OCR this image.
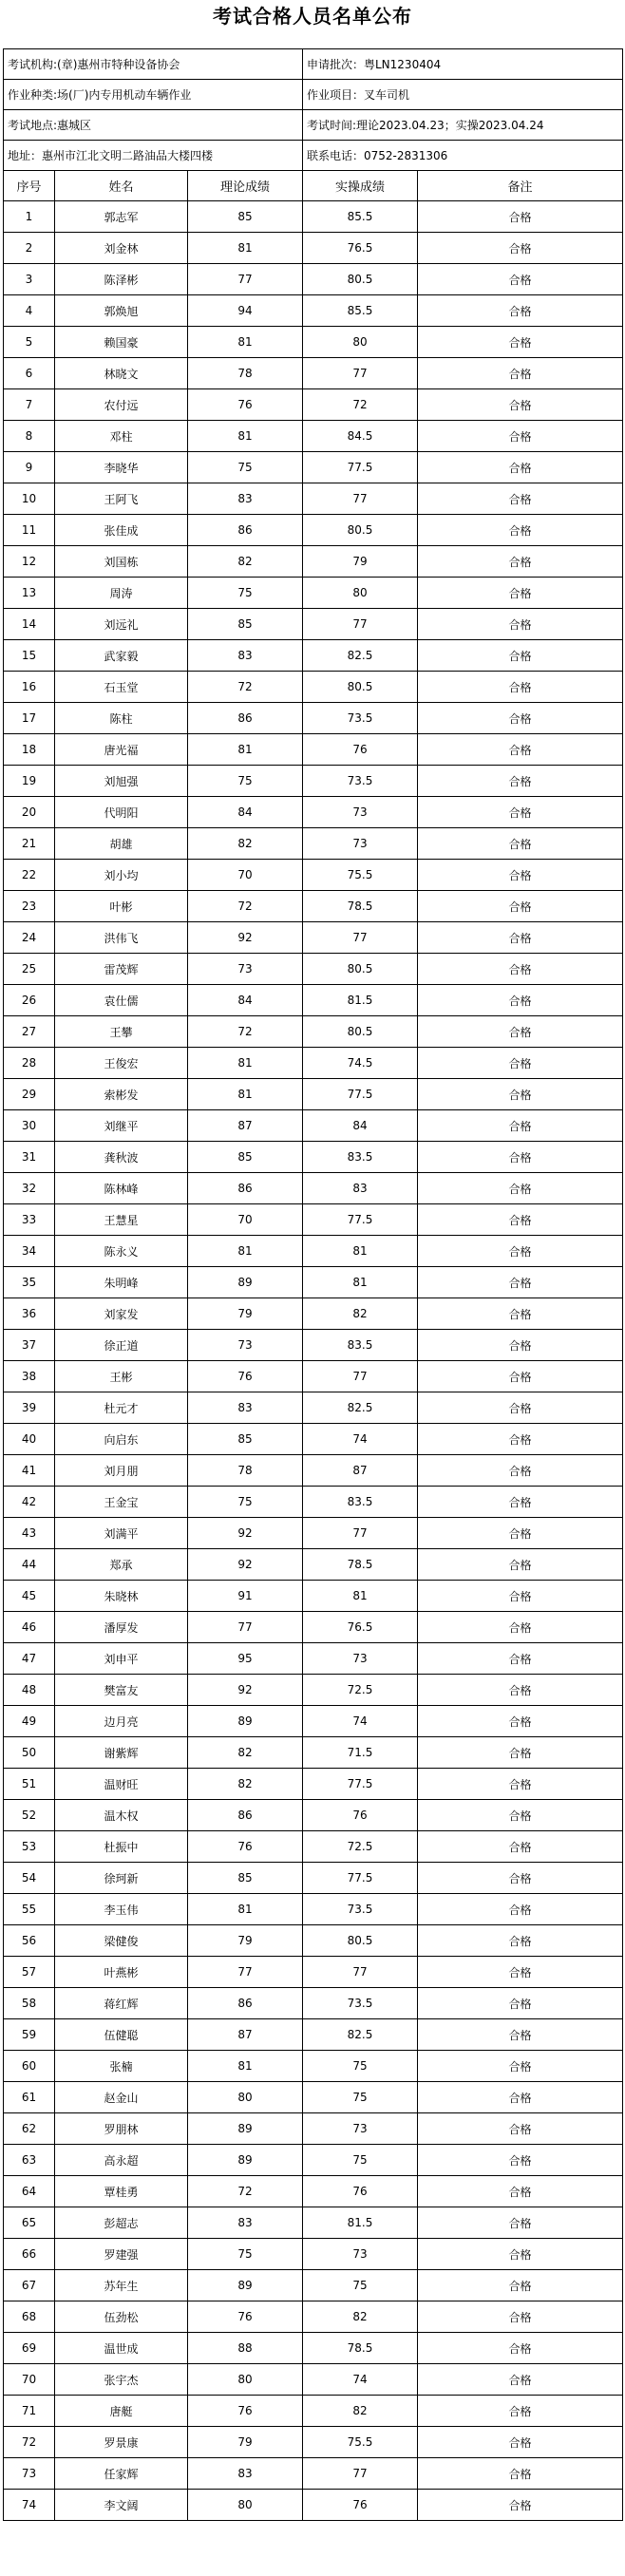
考试合格人员名单公布
考试机构:(章)惠州市特种设备协会			申请批次：粤LN1230404	
作业种类:场(厂)内专用机动车辆作业			作业项目：叉车司机	
考试地点:惠城区			考试时间:理论2023.04.23；实操2023.04.24	
地址：惠州市江北文明二路油品大楼四楼			联系电话：0752-2831306	
序号	姓名	理论成绩	实操成绩	备注
1	郭志军	85	85.5	合格
2	刘金林	81	76.5	合格
3	陈泽彬	77	80.5	合格
4	郭焕旭	94	85.5	合格
5	赖国豪	81	80	合格
6	林晓文	78	77	合格
7	农付远	76	72	合格
8	邓柱	81	84.5	合格
9	李晓华	75	77.5	合格
10	王阿飞	83	77	合格
11	张佳成	86	80.5	合格
12	刘国栋	82	79	合格
13	周涛	75	80	合格
14	刘远礼	85	77	合格
15	武家毅	83	82.5	合格
16	石玉堂	72	80.5	合格
17	陈柱	86	73.5	合格
18	唐光福	81	76	合格
19	刘旭强	75	73.5	合格
20	代明阳	84	73	合格
21	胡雄	82	73	合格
22	刘小均	70	75.5	合格
23	叶彬	72	78.5	合格
24	洪伟飞	92	77	合格
25	雷茂辉	73	80.5	合格
26	袁仕儒	84	81.5	合格
27	王攀	72	80.5	合格
28	王俊宏	81	74.5	合格
29	索彬发	81	77.5	合格
30	刘继平	87	84	合格
31	龚秋波	85	83.5	合格
32	陈林峰	86	83	合格
33	王慧星	70	77.5	合格
34	陈永义	81	81	合格
35	朱明峰	89	81	合格
36	刘家发	79	82	合格
37	徐正道	73	83.5	合格
38	王彬	76	77	合格
39	杜元才	83	82.5	合格
40	向启东	85	74	合格
41	刘月朋	78	87	合格
42	王金宝	75	83.5	合格
43	刘满平	92	77	合格
44	郑承	92	78.5	合格
45	朱晓林	91	81	合格
46	潘厚发	77	76.5	合格
47	刘申平	95	73	合格
48	樊富友	92	72.5	合格
49	边月亮	89	74	合格
50	谢紫辉	82	71.5	合格
51	温财旺	82	77.5	合格
52	温木权	86	76	合格
53	杜振中	76	72.5	合格
54	徐珂新	85	77.5	合格
55	李玉伟	81	73.5	合格
56	梁健俊	79	80.5	合格
57	叶燕彬	77	77	合格
58	蒋红辉	86	73.5	合格
59	伍健聪	87	82.5	合格
60	张楠	81	75	合格
61	赵金山	80	75	合格
62	罗朋林	89	73	合格
63	高永超	89	75	合格
64	覃桂勇	72	76	合格
65	彭超志	83	81.5	合格
66	罗建强	75	73	合格
67	苏年生	89	75	合格
68	伍劲松	76	82	合格
69	温世成	88	78.5	合格
70	张宇杰	80	74	合格
71	唐艇	76	82	合格
72	罗景康	79	75.5	合格
73	任家辉	83	77	合格
74	李文阔	80	76	合格
